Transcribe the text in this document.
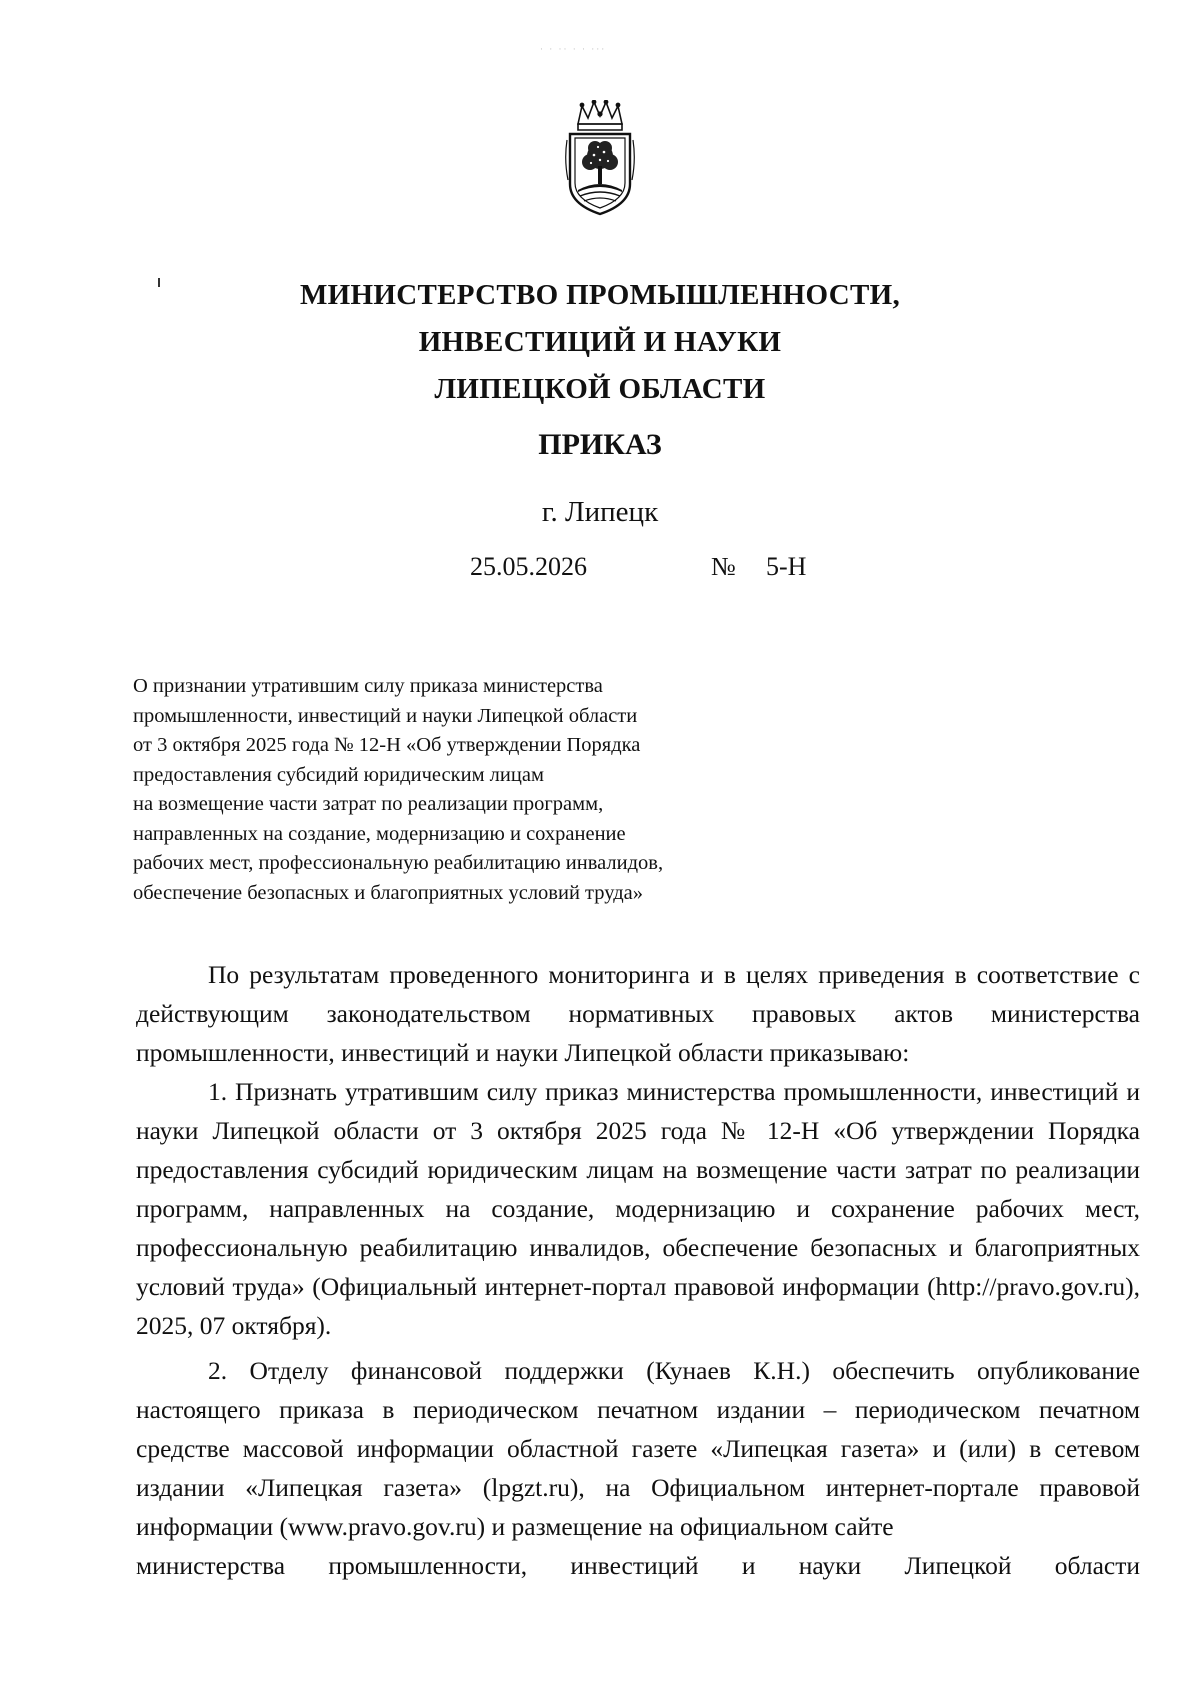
· · ·· · · ···
МИНИСТЕРСТВО ПРОМЫШЛЕННОСТИ,
ИНВЕСТИЦИЙ И НАУКИ
ЛИПЕЦКОЙ ОБЛАСТИ
ПРИКАЗ
г. Липецк
25.05.2026	№ 5-Н
О признании утратившим силу приказа министерства
промышленности, инвестиций и науки Липецкой области
от 3 октября 2025 года № 12-Н «Об утверждении Порядка
предоставления субсидий юридическим лицам
на возмещение части затрат по реализации программ,
направленных на создание, модернизацию и сохранение
рабочих мест, профессиональную реабилитацию инвалидов,
обеспечение безопасных и благоприятных условий труда»

По результатам проведенного мониторинга и в целях приведения в соответствие с действующим законодательством нормативных правовых актов министерства промышленности, инвестиций и науки Липецкой области приказываю:

1. Признать утратившим силу приказ министерства промышленности, инвестиций и науки Липецкой области от 3 октября 2025 года № 12-Н «Об утверждении Порядка предоставления субсидий юридическим лицам на возмещение части затрат по реализации программ, направленных на создание, модернизацию и сохранение рабочих мест, профессиональную реабилитацию инвалидов, обеспечение безопасных и благоприятных условий труда» (Официальный интернет-портал правовой информации (http://pravo.gov.ru), 2025, 07 октября).

2. Отделу финансовой поддержки (Кунаев К.Н.) обеспечить опубликование настоящего приказа в периодическом печатном издании – периодическом печатном средстве массовой информации областной газете «Липецкая газета» и (или) в сетевом издании «Липецкая газета» (lpgzt.ru), на Официальном интернет-портале правовой информации (www.pravo.gov.ru) и размещение на официальном сайте

министерства промышленности, инвестиций и науки Липецкой области
